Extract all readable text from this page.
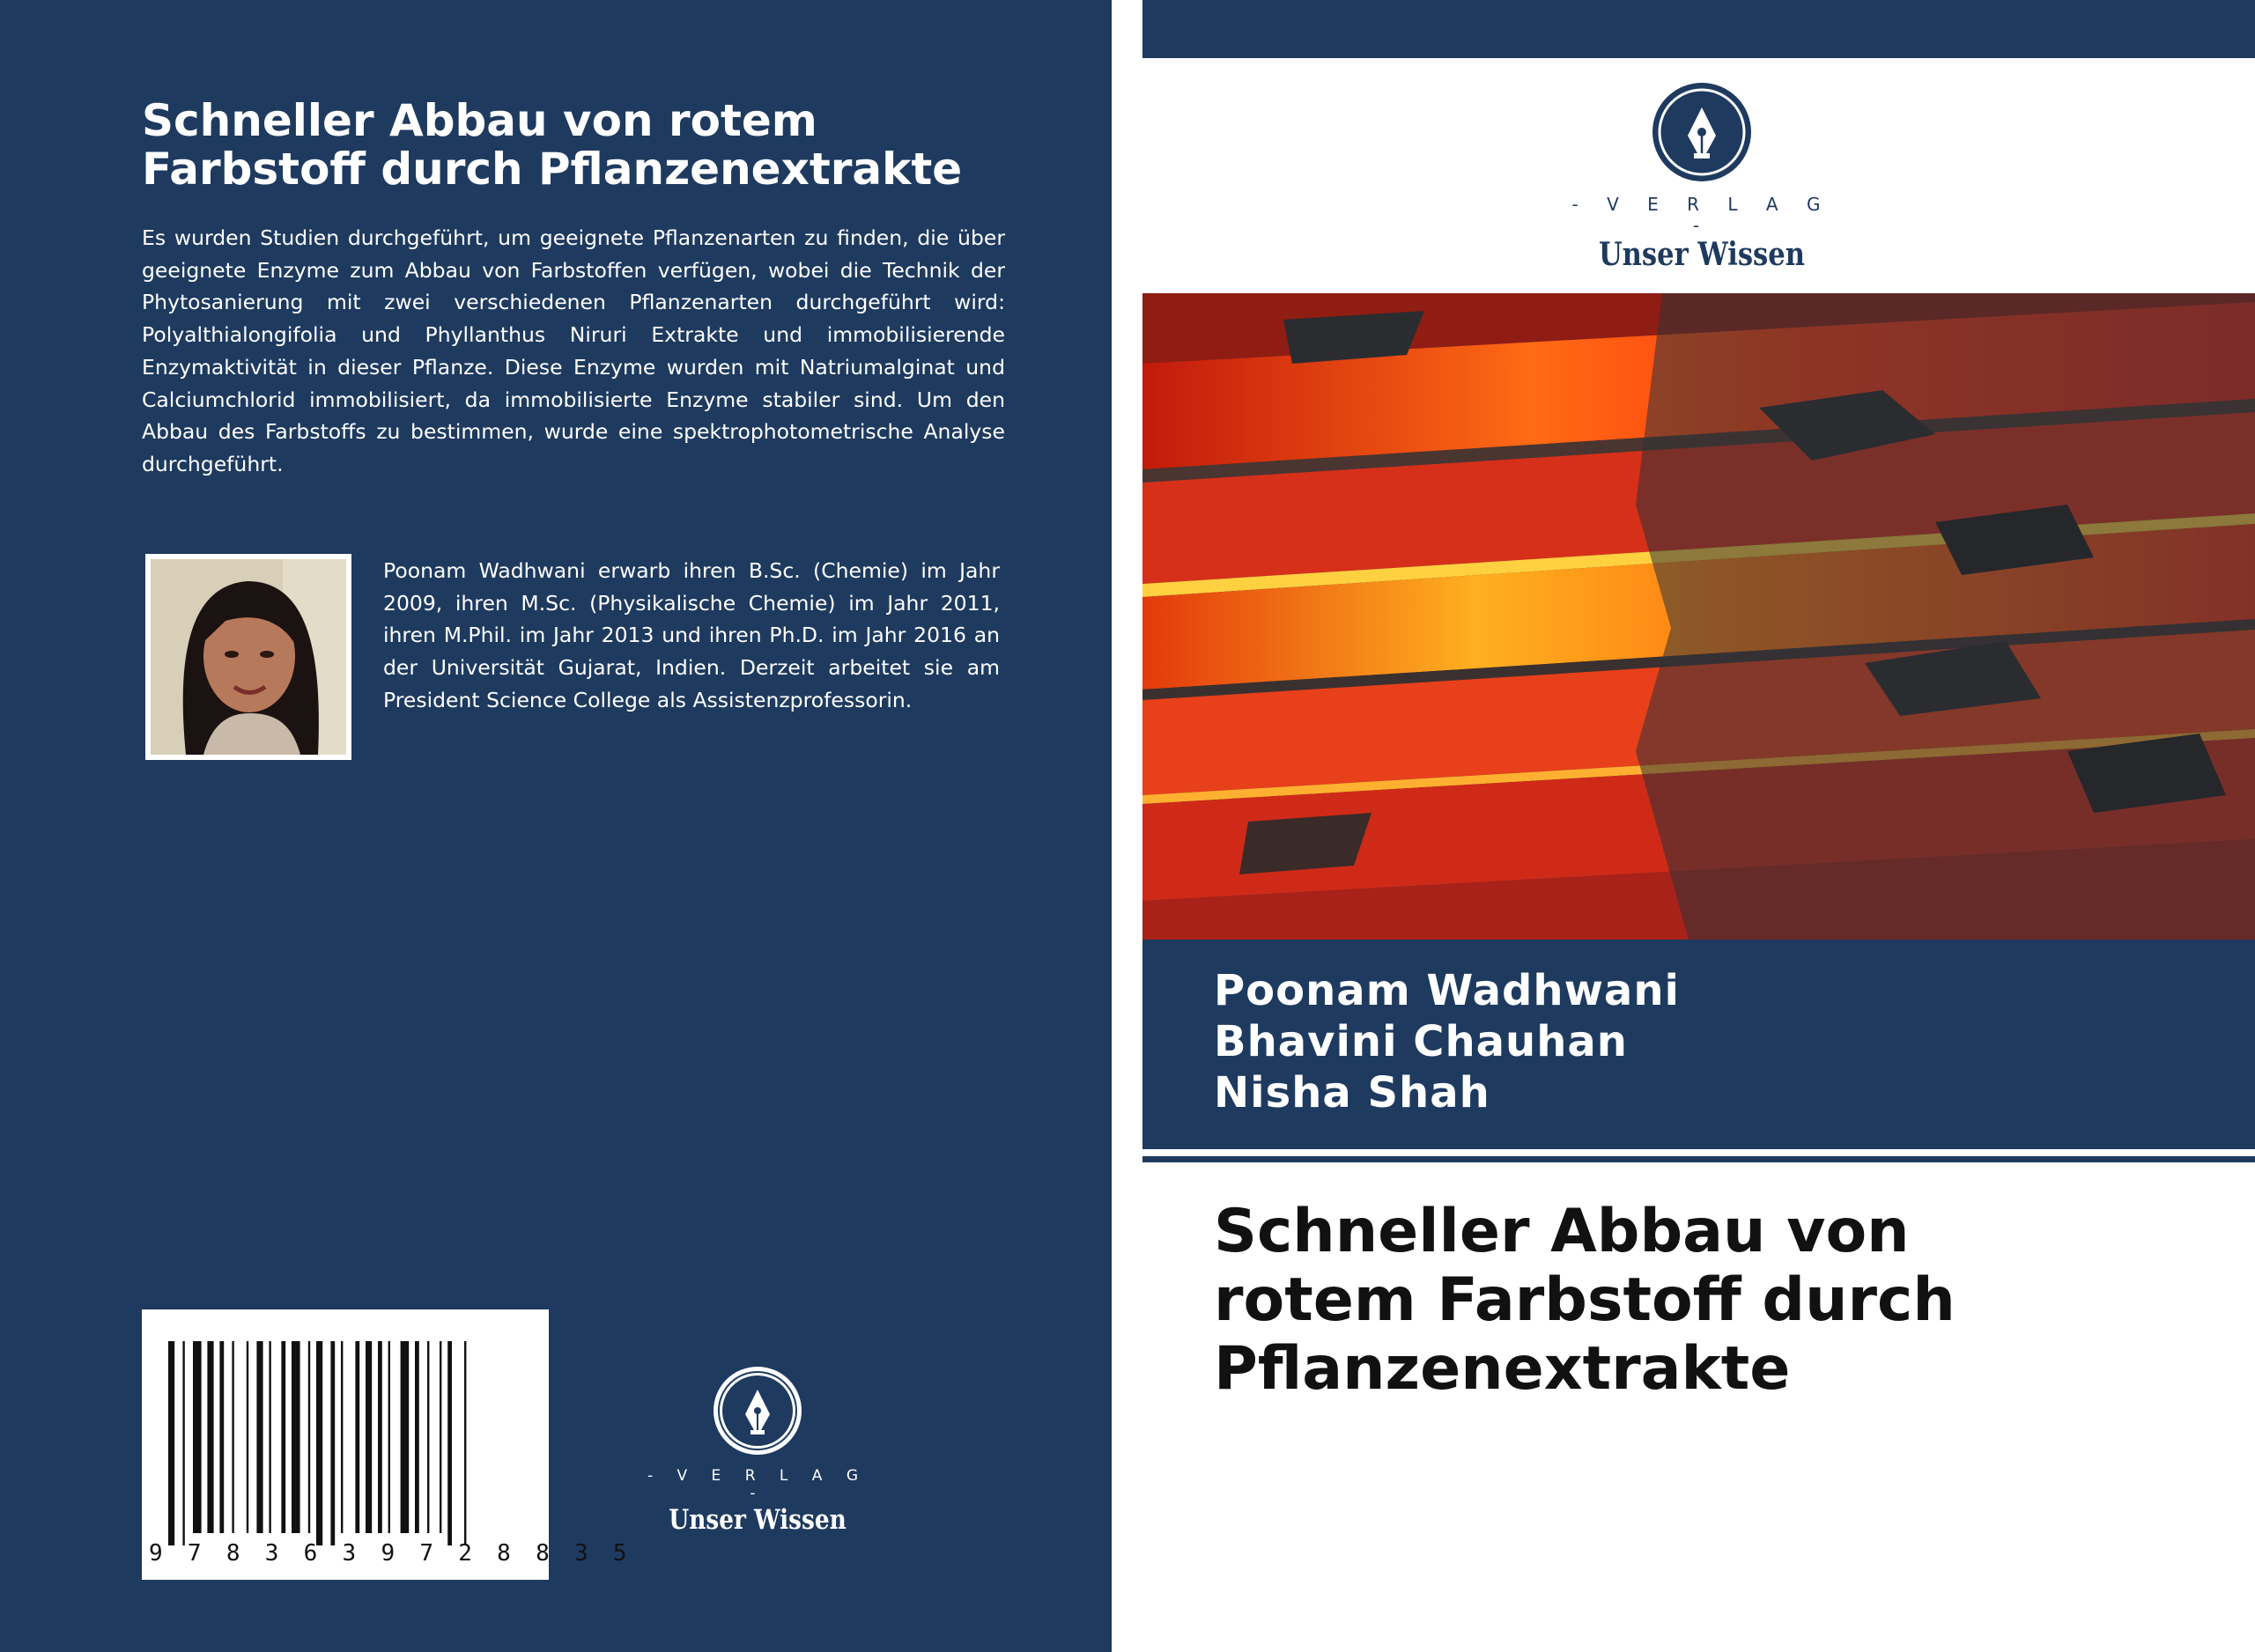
Schneller Abbau von rotem
Farbstoff durch Pflanzenextrakte
Es wurden Studien durchgeführt, um geeignete Pflanzenarten zu finden, die über geeignete Enzyme zum Abbau von Farbstoffen verfügen, wobei die Technik der Phytosanierung mit zwei verschiedenen Pflanzenarten durchgeführt wird: Polyalthialongifolia und Phyllanthus Niruri Extrakte und immobilisierende Enzymaktivität in dieser Pflanze. Diese Enzyme wurden mit Natriumalginat und Calciumchlorid immobilisiert, da immobilisierte Enzyme stabiler sind. Um den Abbau des Farbstoffs zu bestimmen, wurde eine spektrophotometrische Analyse durchgeführt.
Poonam Wadhwani erwarb ihren B.Sc. (Chemie) im Jahr 2009, ihren M.Sc. (Physikalische Chemie) im Jahr 2011, ihren M.Phil. im Jahr 2013 und ihren Ph.D. im Jahr 2016 an der Universität Gujarat, Indien. Derzeit arbeitet sie am President Science College als Assistenzprofessorin.
9 7 8 3 6 3 9 7 2 8 8 3 5
- V E R L A G -
Unser Wissen
- V E R L A G -
Unser Wissen
Poonam Wadhwani
Bhavini Chauhan
Nisha Shah
Schneller Abbau von
rotem Farbstoff durch
Pflanzenextrakte
